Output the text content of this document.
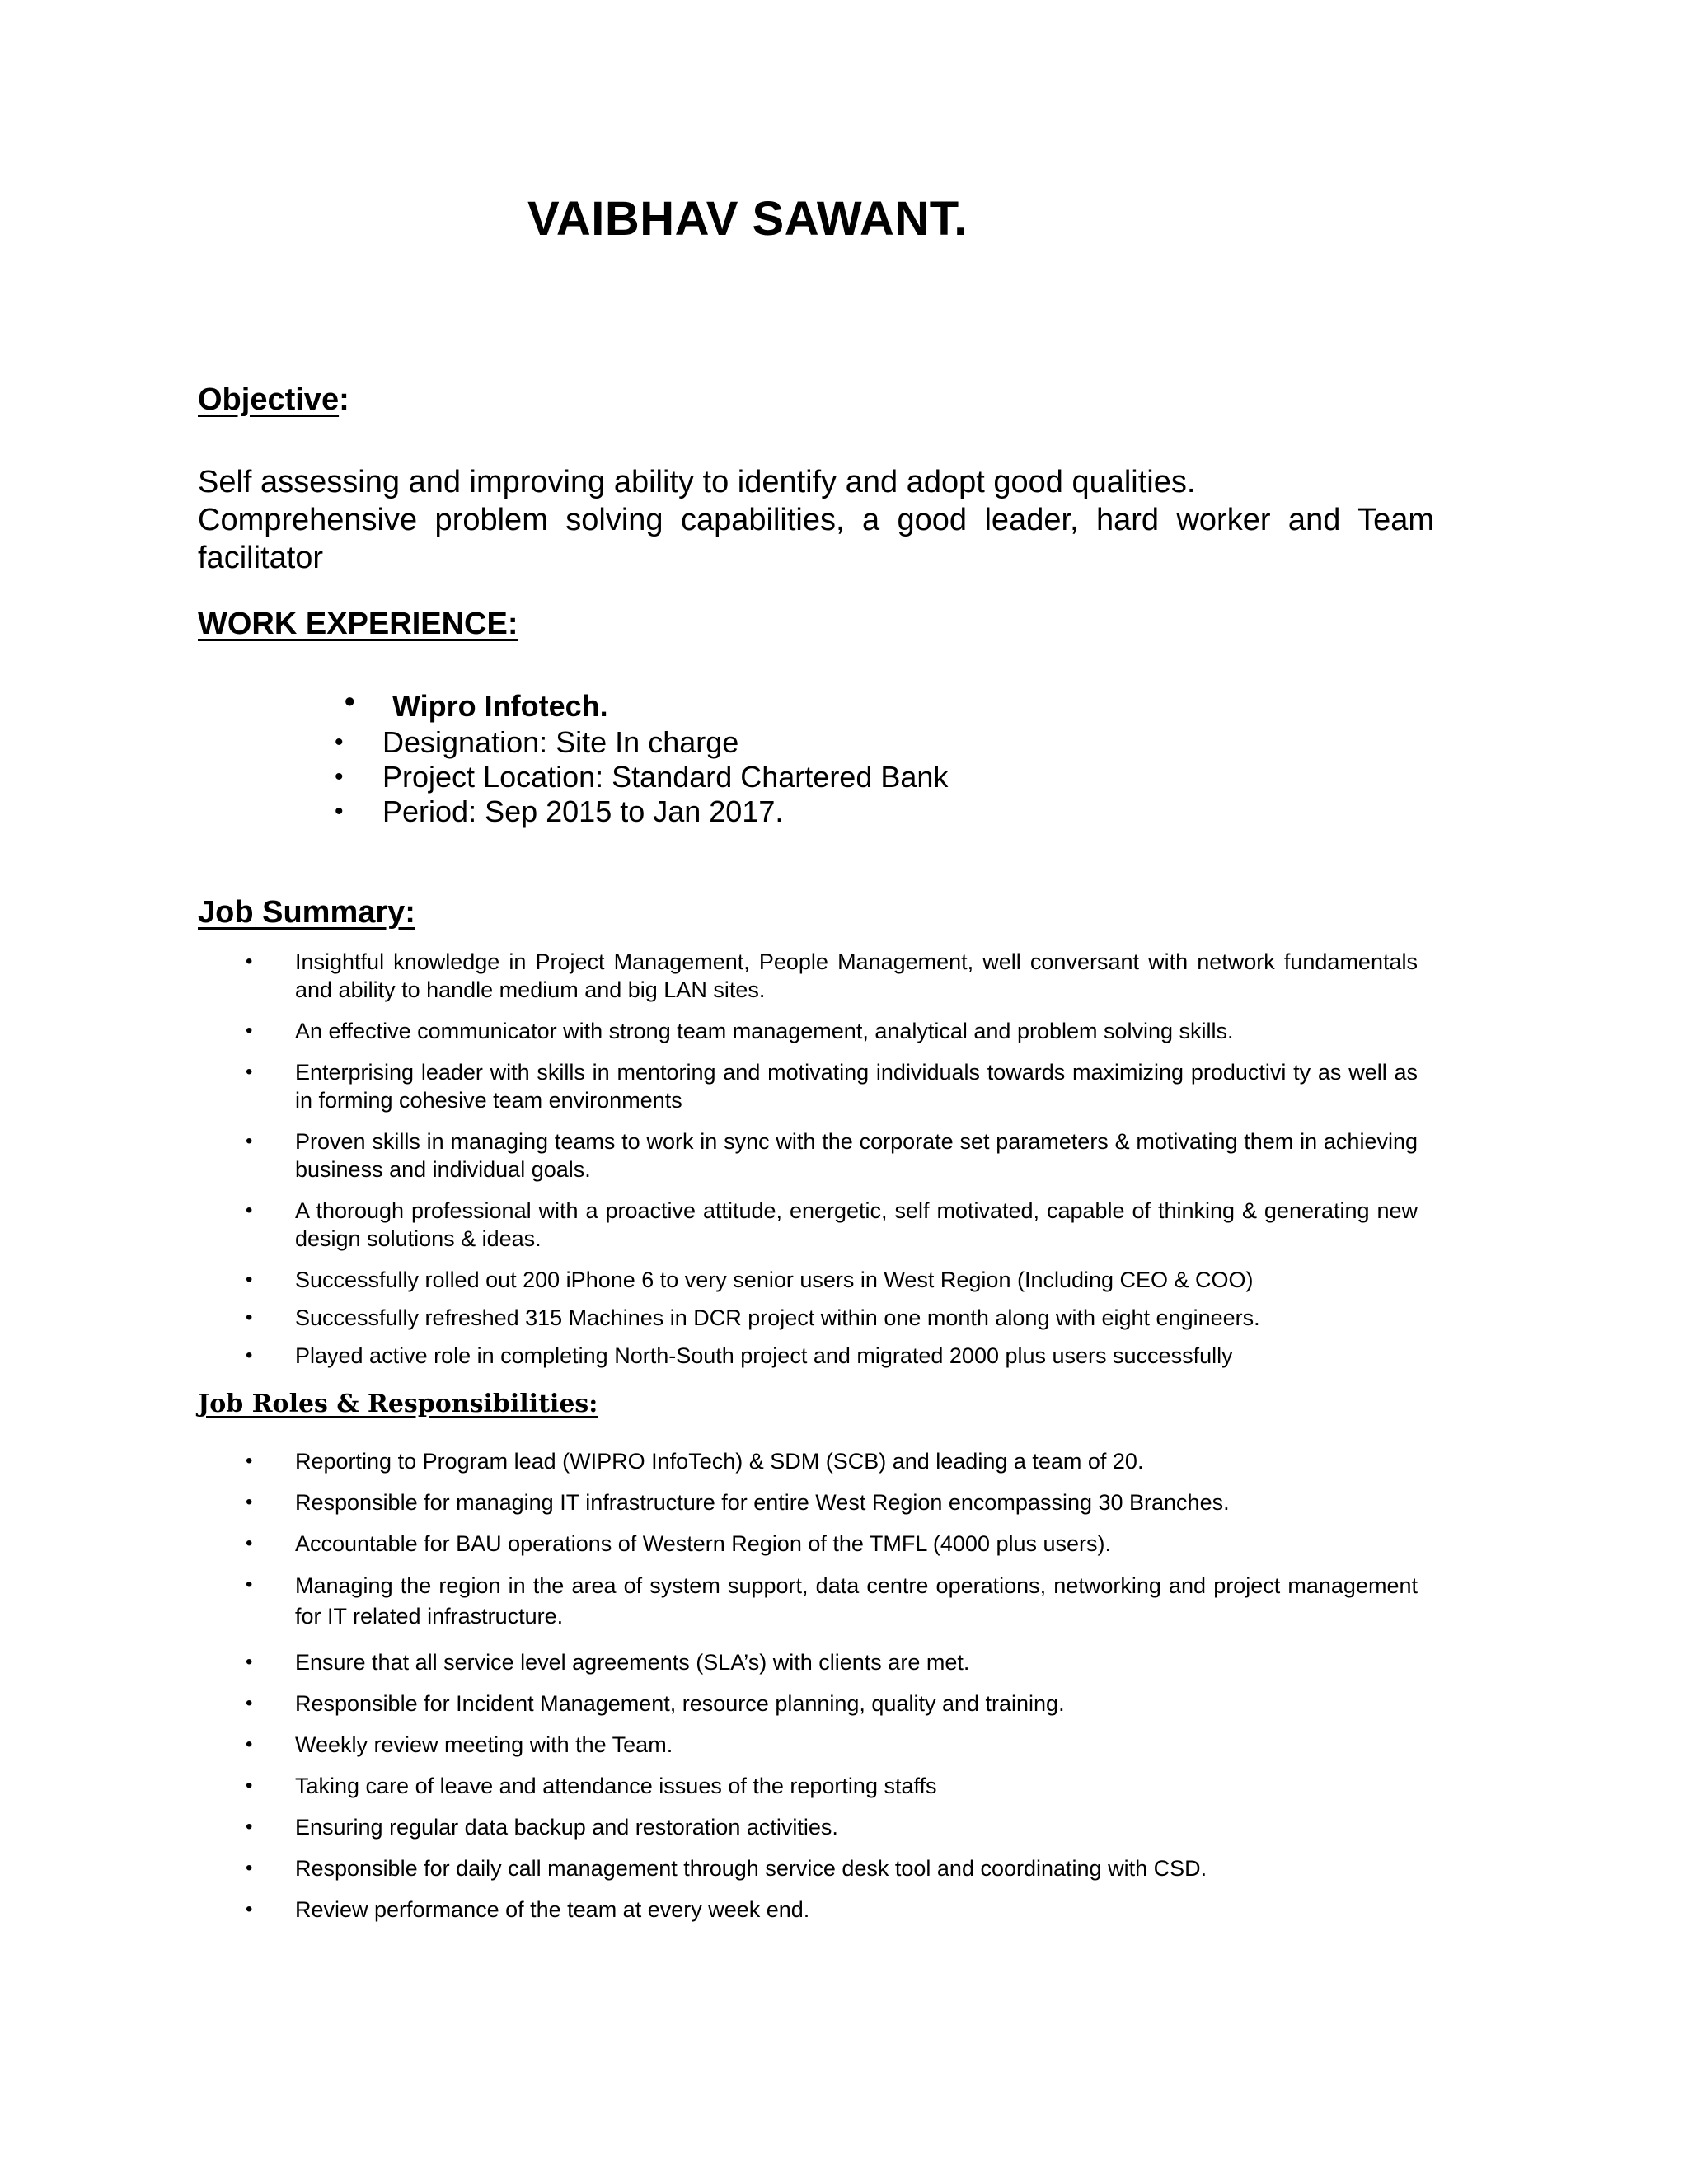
VAIBHAV SAWANT.
Objective:

Self assessing and improving ability to identify and adopt good qualities.

Comprehensive problem solving capabilities, a good leader, hard worker and Team

facilitator

WORK EXPERIENCE:
• Wipro Infotech.
• Designation: Site In charge
• Project Location: Standard Chartered Bank
• Period: Sep 2015 to Jan 2017.
Job Summary:
• Insightful knowledge in Project Management, People Management, well conversant with network fundamentals and ability to handle medium and big LAN sites.
• An effective communicator with strong team management, analytical and problem solving skills.
• Enterprising leader with skills in mentoring and motivating individuals towards maximizing productivi ty as well as in forming cohesive team environments
• Proven skills in managing teams to work in sync with the corporate set parameters & motivating them in achieving business and individual goals.
• A thorough professional with a proactive attitude, energetic, self motivated, capable of thinking & generating new design solutions & ideas.
• Successfully rolled out 200 iPhone 6 to very senior users in West Region (Including CEO & COO)
• Successfully refreshed 315 Machines in DCR project within one month along with eight engineers.
• Played active role in completing North-South project and migrated 2000 plus users successfully
Job Roles & Responsibilities:
• Reporting to Program lead (WIPRO InfoTech) & SDM (SCB) and leading a team of 20.
• Responsible for managing IT infrastructure for entire West Region encompassing 30 Branches.
• Accountable for BAU operations of Western Region of the TMFL (4000 plus users).
• Managing the region in the area of system support, data centre operations, networking and project management for IT related infrastructure.
• Ensure that all service level agreements (SLA’s) with clients are met.
• Responsible for Incident Management, resource planning, quality and training.
• Weekly review meeting with the Team.
• Taking care of leave and attendance issues of the reporting staffs
• Ensuring regular data backup and restoration activities.
• Responsible for daily call management through service desk tool and coordinating with CSD.
• Review performance of the team at every week end.
